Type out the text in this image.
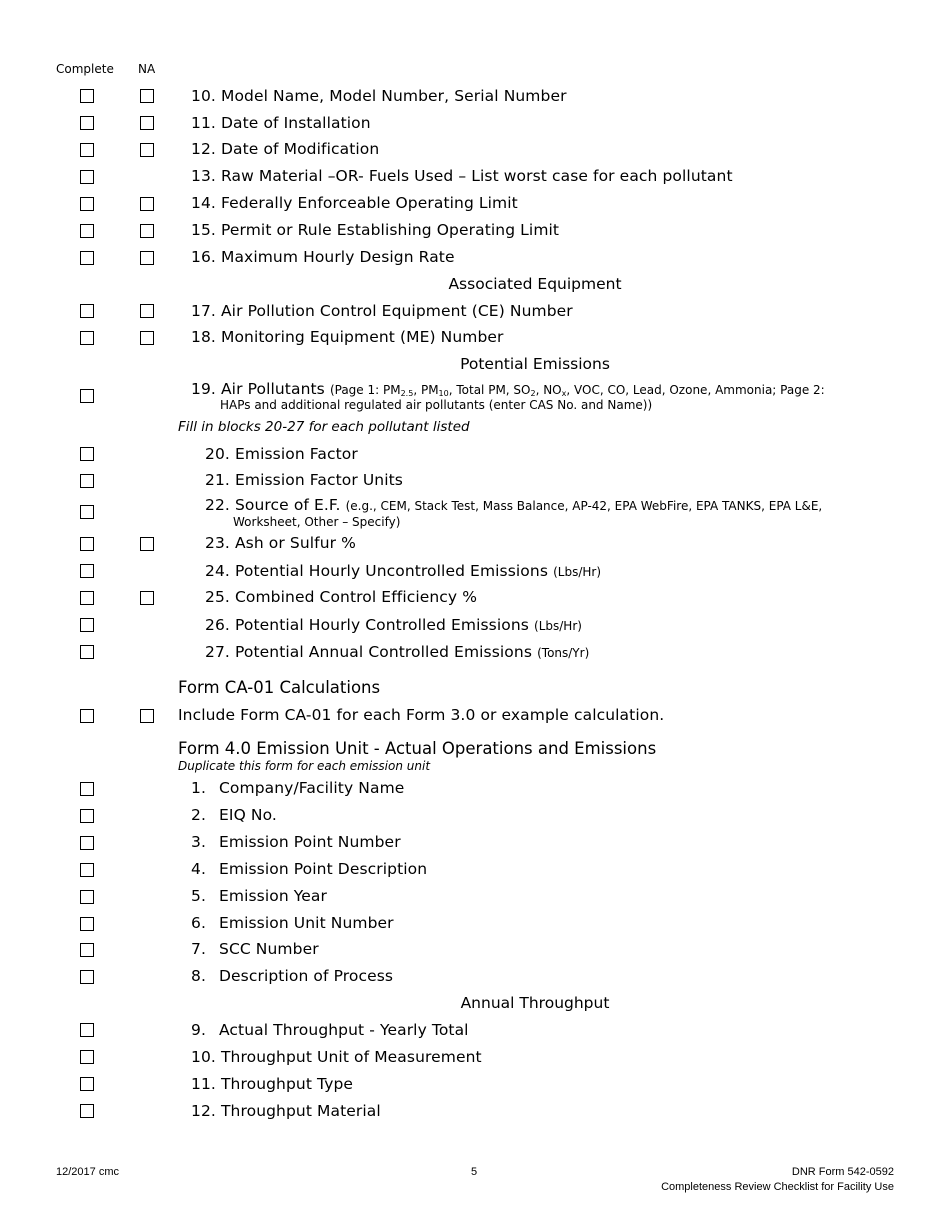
Complete NA
10. Model Name, Model Number, Serial Number
11. Date of Installation
12. Date of Modification
13. Raw Material –OR- Fuels Used – List worst case for each pollutant
14. Federally Enforceable Operating Limit
15. Permit or Rule Establishing Operating Limit
16. Maximum Hourly Design Rate
Associated Equipment
17. Air Pollution Control Equipment (CE) Number
18. Monitoring Equipment (ME) Number
Potential Emissions
19. Air Pollutants (Page 1: $PM_{2.5}$, $PM_{10}$, Total PM, $SO_2$, $NO_x$, VOC, CO, Lead, Ozone, Ammonia; Page 2:
HAPs and additional regulated air pollutants (enter CAS No. and Name))
Fill in blocks 20-27 for each pollutant listed
20. Emission Factor
21. Emission Factor Units
22. Source of E.F. (e.g., CEM, Stack Test, Mass Balance, AP-42, EPA WebFire, EPA TANKS, EPA L&E,
Worksheet, Other – Specify)
23. Ash or Sulfur %
24. Potential Hourly Uncontrolled Emissions (Lbs/Hr)
25. Combined Control Efficiency %
26. Potential Hourly Controlled Emissions (Lbs/Hr)
27. Potential Annual Controlled Emissions (Tons/Yr)
Form CA-01 Calculations
Include Form CA-01 for each Form 3.0 or example calculation.
Form 4.0 Emission Unit - Actual Operations and Emissions
Duplicate this form for each emission unit
1. Company/Facility Name
2. EIQ No.
3. Emission Point Number
4. Emission Point Description
5. Emission Year
6. Emission Unit Number
7. SCC Number
8. Description of Process
Annual Throughput
9. Actual Throughput - Yearly Total
10. Throughput Unit of Measurement
11. Throughput Type
12. Throughput Material
12/2017 cmc	5	DNR Form 542-0592
Completeness Review Checklist for Facility Use
